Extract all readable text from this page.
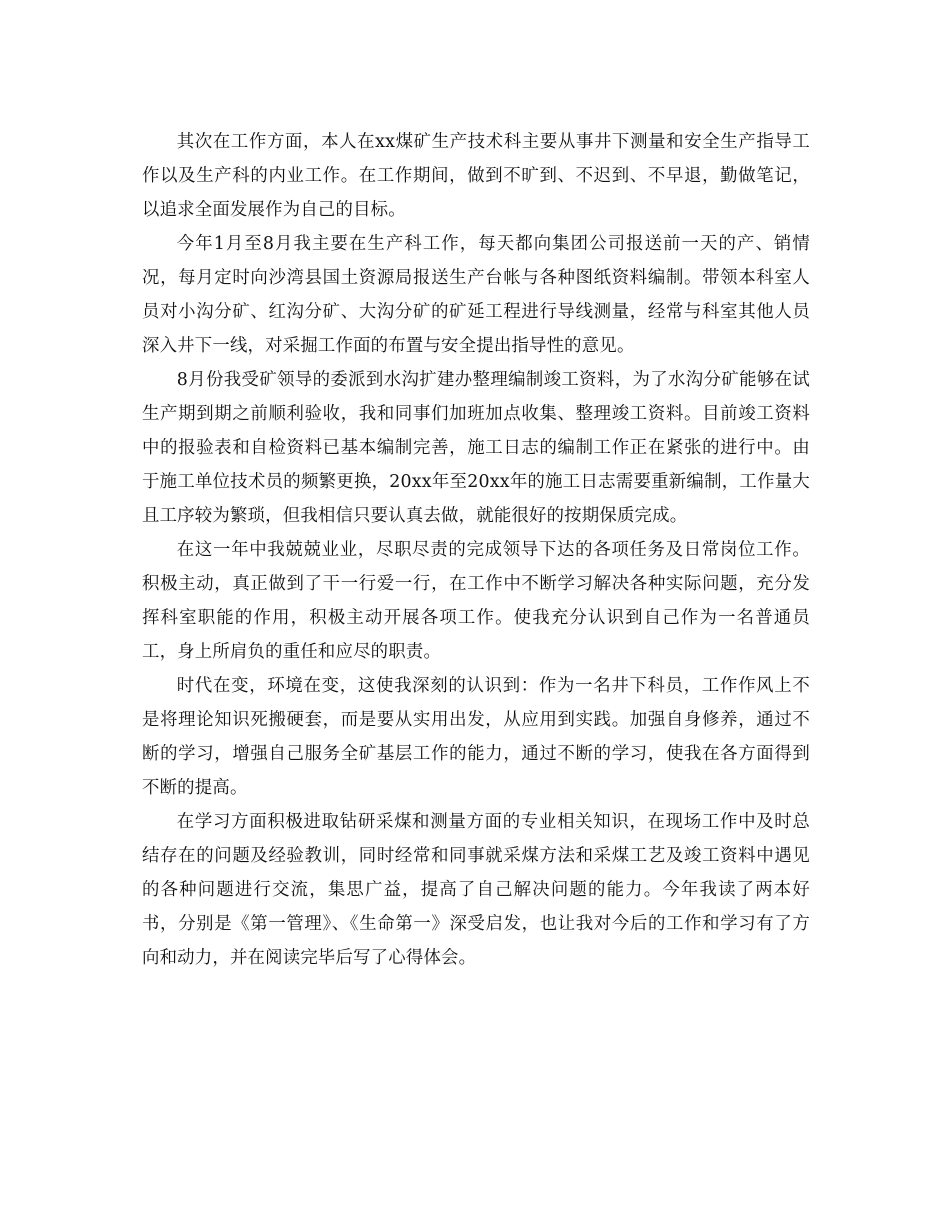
其次在工作方面，本人在xx煤矿生产技术科主要从事井下测量和安全生产指导工作以及生产科的内业工作。在工作期间，做到不旷到、不迟到、不早退，勤做笔记，以追求全面发展作为自己的目标。

今年1月至8月我主要在生产科工作，每天都向集团公司报送前一天的产、销情况，每月定时向沙湾县国土资源局报送生产台帐与各种图纸资料编制。带领本科室人员对小沟分矿、红沟分矿、大沟分矿的矿延工程进行导线测量，经常与科室其他人员深入井下一线，对采掘工作面的布置与安全提出指导性的意见。

8月份我受矿领导的委派到水沟扩建办整理编制竣工资料，为了水沟分矿能够在试生产期到期之前顺利验收，我和同事们加班加点收集、整理竣工资料。目前竣工资料中的报验表和自检资料已基本编制完善，施工日志的编制工作正在紧张的进行中。由于施工单位技术员的频繁更换，20xx年至20xx年的施工日志需要重新编制，工作量大且工序较为繁琐，但我相信只要认真去做，就能很好的按期保质完成。

在这一年中我兢兢业业，尽职尽责的完成领导下达的各项任务及日常岗位工作。积极主动，真正做到了干一行爱一行，在工作中不断学习解决各种实际问题，充分发挥科室职能的作用，积极主动开展各项工作。使我充分认识到自己作为一名普通员工，身上所肩负的重任和应尽的职责。

时代在变，环境在变，这使我深刻的认识到：作为一名井下科员，工作作风上不是将理论知识死搬硬套，而是要从实用出发，从应用到实践。加强自身修养，通过不断的学习，增强自己服务全矿基层工作的能力，通过不断的学习，使我在各方面得到不断的提高。

在学习方面积极进取钻研采煤和测量方面的专业相关知识，在现场工作中及时总结存在的问题及经验教训，同时经常和同事就采煤方法和采煤工艺及竣工资料中遇见的各种问题进行交流，集思广益，提高了自己解决问题的能力。今年我读了两本好书，分别是《第一管理》、《生命第一》深受启发，也让我对今后的工作和学习有了方向和动力，并在阅读完毕后写了心得体会。
